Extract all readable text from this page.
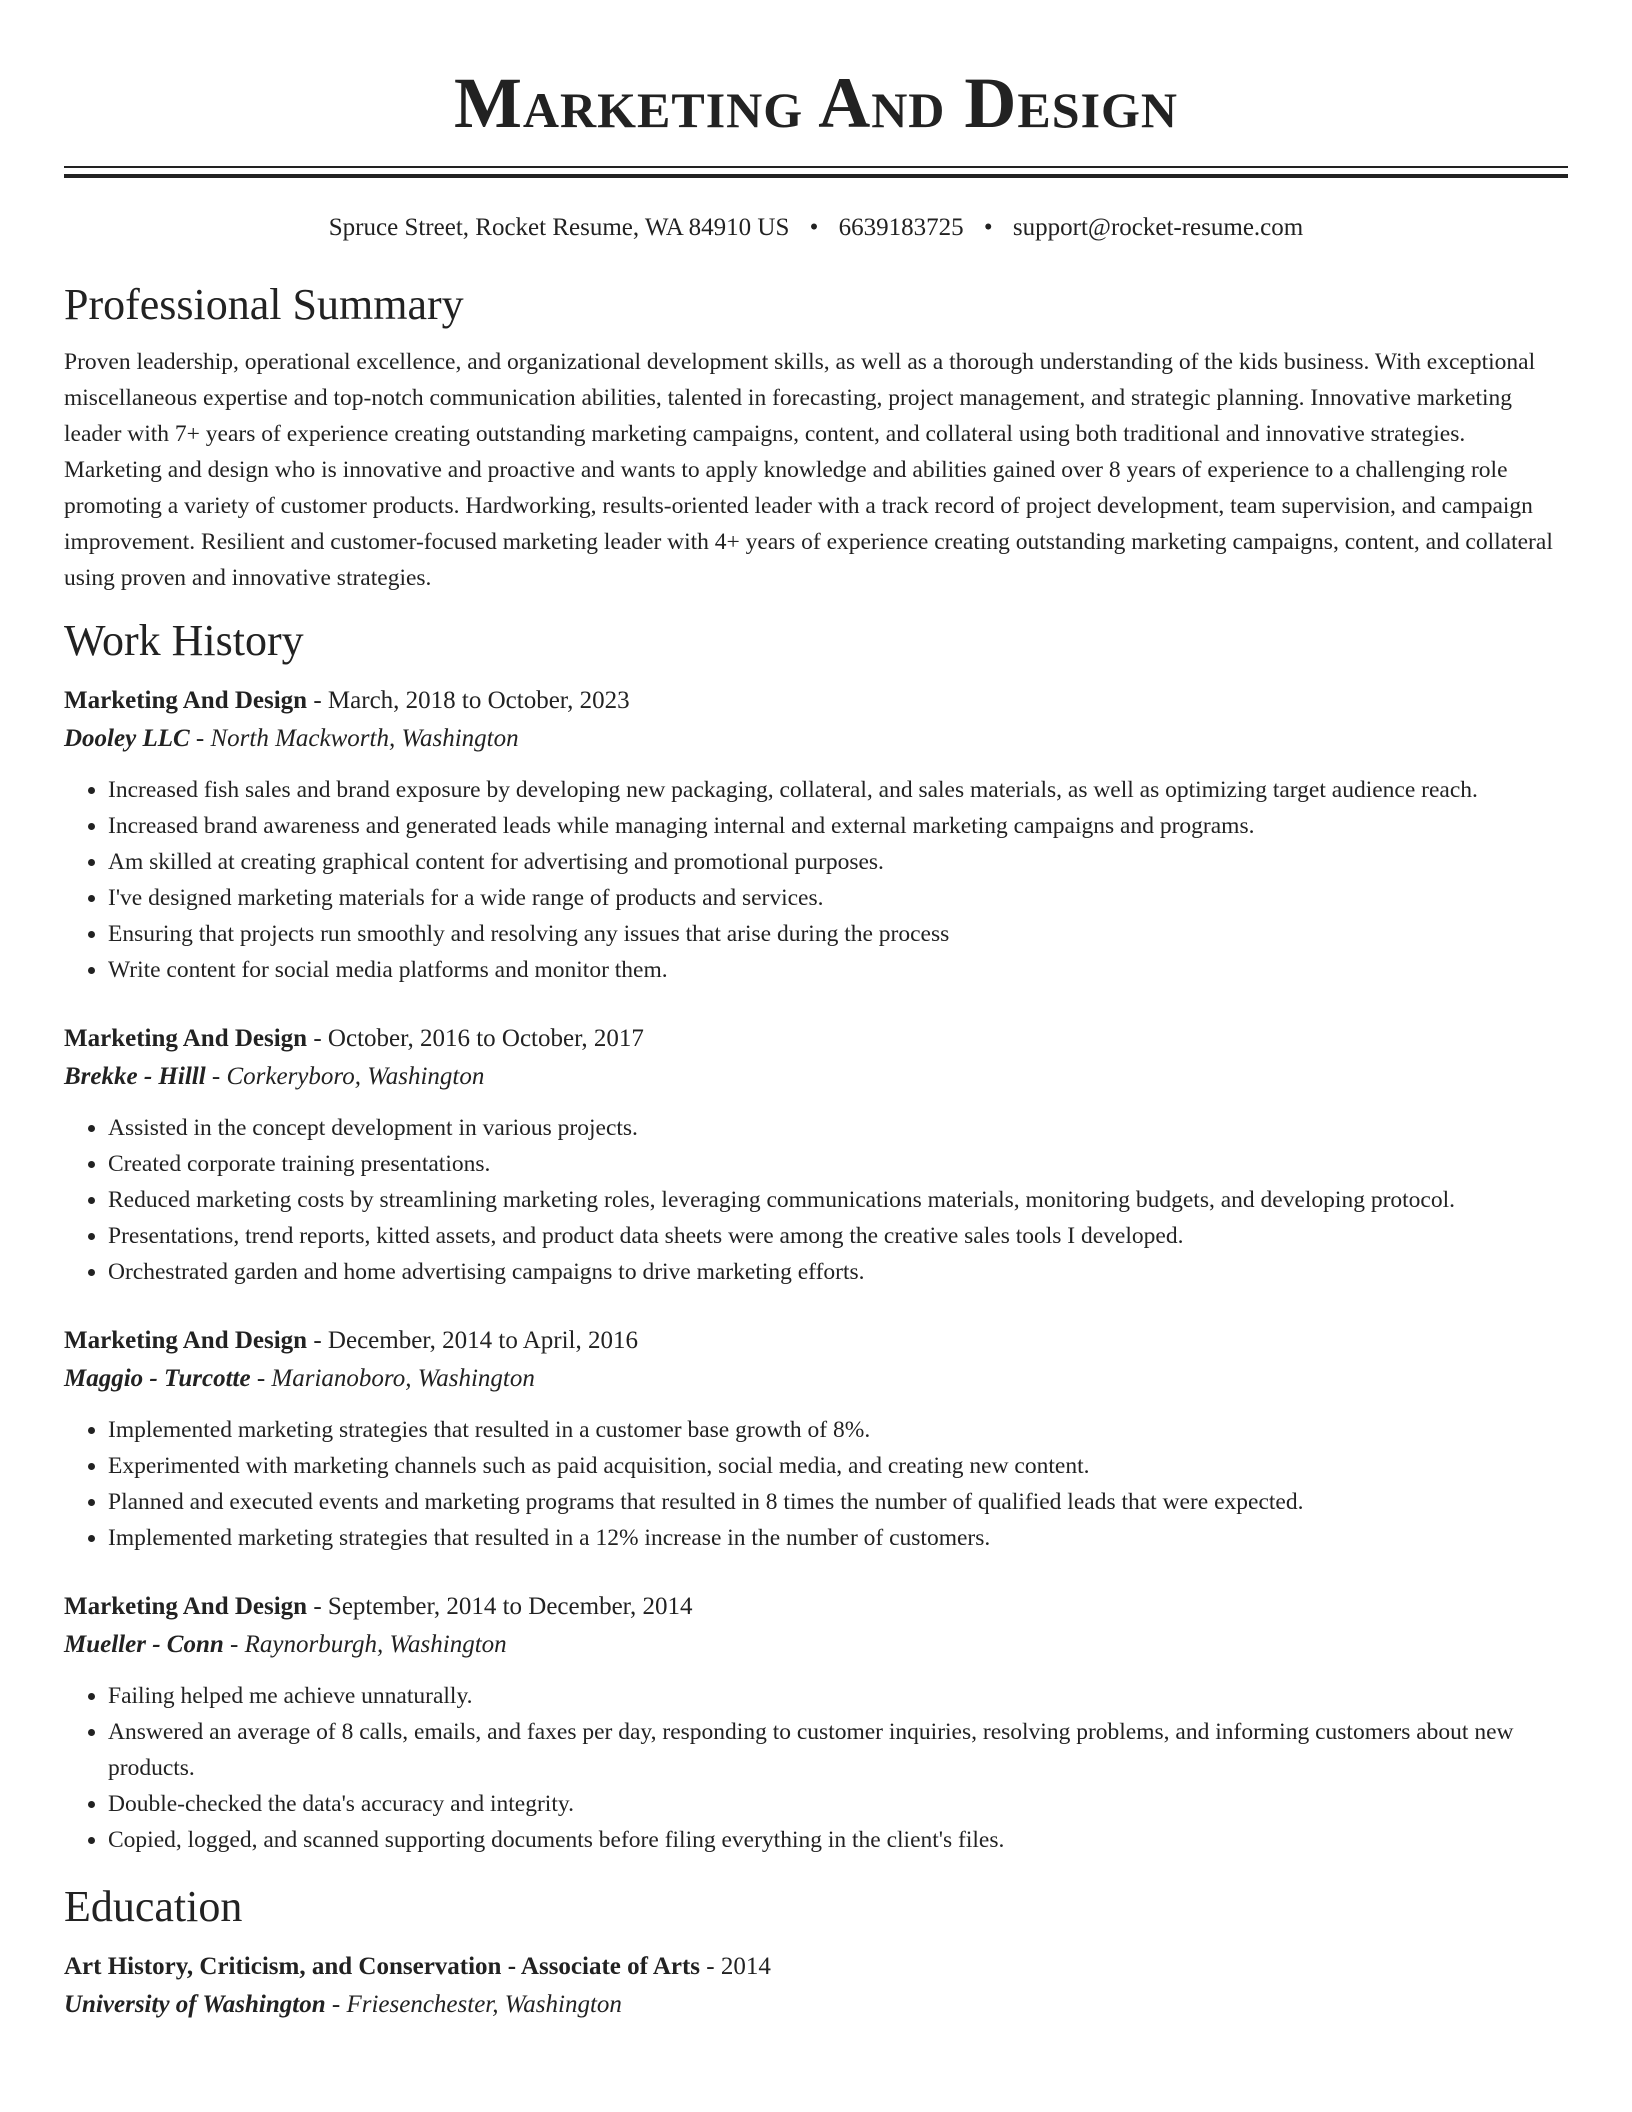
Marketing And Design
Spruce Street, Rocket Resume, WA 84910 US • 6639183725 • support@rocket-resume.com
Professional Summary
Proven leadership, operational excellence, and organizational development skills, as well as a thorough understanding of the kids business. With exceptional miscellaneous expertise and top-notch communication abilities, talented in forecasting, project management, and strategic planning. Innovative marketing leader with 7+ years of experience creating outstanding marketing campaigns, content, and collateral using both traditional and innovative strategies. Marketing and design who is innovative and proactive and wants to apply knowledge and abilities gained over 8 years of experience to a challenging role promoting a variety of customer products. Hardworking, results-oriented leader with a track record of project development, team supervision, and campaign improvement. Resilient and customer-focused marketing leader with 4+ years of experience creating outstanding marketing campaigns, content, and collateral using proven and innovative strategies.
Work History
Marketing And Design - March, 2018 to October, 2023
Dooley LLC - North Mackworth, Washington
• Increased fish sales and brand exposure by developing new packaging, collateral, and sales materials, as well as optimizing target audience reach.
• Increased brand awareness and generated leads while managing internal and external marketing campaigns and programs.
• Am skilled at creating graphical content for advertising and promotional purposes.
• I've designed marketing materials for a wide range of products and services.
• Ensuring that projects run smoothly and resolving any issues that arise during the process
• Write content for social media platforms and monitor them.
Marketing And Design - October, 2016 to October, 2017
Brekke - Hilll - Corkeryboro, Washington
• Assisted in the concept development in various projects.
• Created corporate training presentations.
• Reduced marketing costs by streamlining marketing roles, leveraging communications materials, monitoring budgets, and developing protocol.
• Presentations, trend reports, kitted assets, and product data sheets were among the creative sales tools I developed.
• Orchestrated garden and home advertising campaigns to drive marketing efforts.
Marketing And Design - December, 2014 to April, 2016
Maggio - Turcotte - Marianoboro, Washington
• Implemented marketing strategies that resulted in a customer base growth of 8%.
• Experimented with marketing channels such as paid acquisition, social media, and creating new content.
• Planned and executed events and marketing programs that resulted in 8 times the number of qualified leads that were expected.
• Implemented marketing strategies that resulted in a 12% increase in the number of customers.
Marketing And Design - September, 2014 to December, 2014
Mueller - Conn - Raynorburgh, Washington
• Failing helped me achieve unnaturally.
• Answered an average of 8 calls, emails, and faxes per day, responding to customer inquiries, resolving problems, and informing customers about new products.
• Double-checked the data's accuracy and integrity.
• Copied, logged, and scanned supporting documents before filing everything in the client's files.
Education
Art History, Criticism, and Conservation - Associate of Arts - 2014
University of Washington - Friesenchester, Washington
